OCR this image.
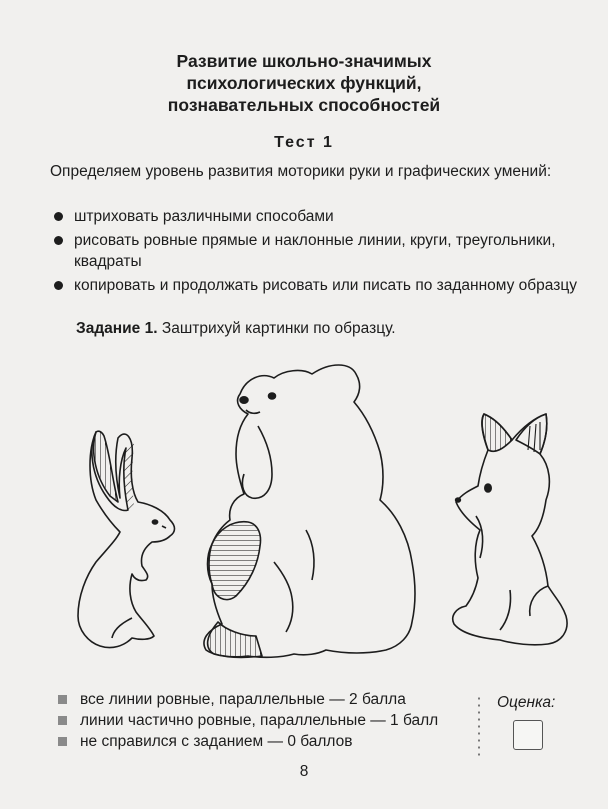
Развитие школьно-значимых
психологических функций,
познавательных способностей
Тест 1
Определяем уровень развития моторики руки и графических умений:
штриховать различными способами
рисовать ровные прямые и наклонные линии, круги, треугольники, квадраты
копировать и продолжать рисовать или писать по заданному образцу
Задание 1. Заштрихуй картинки по образцу.
все линии ровные, параллельные — 2 балла
линии частично ровные, параллельные — 1 балл
не справился с заданием — 0 баллов
Оценка:
8
